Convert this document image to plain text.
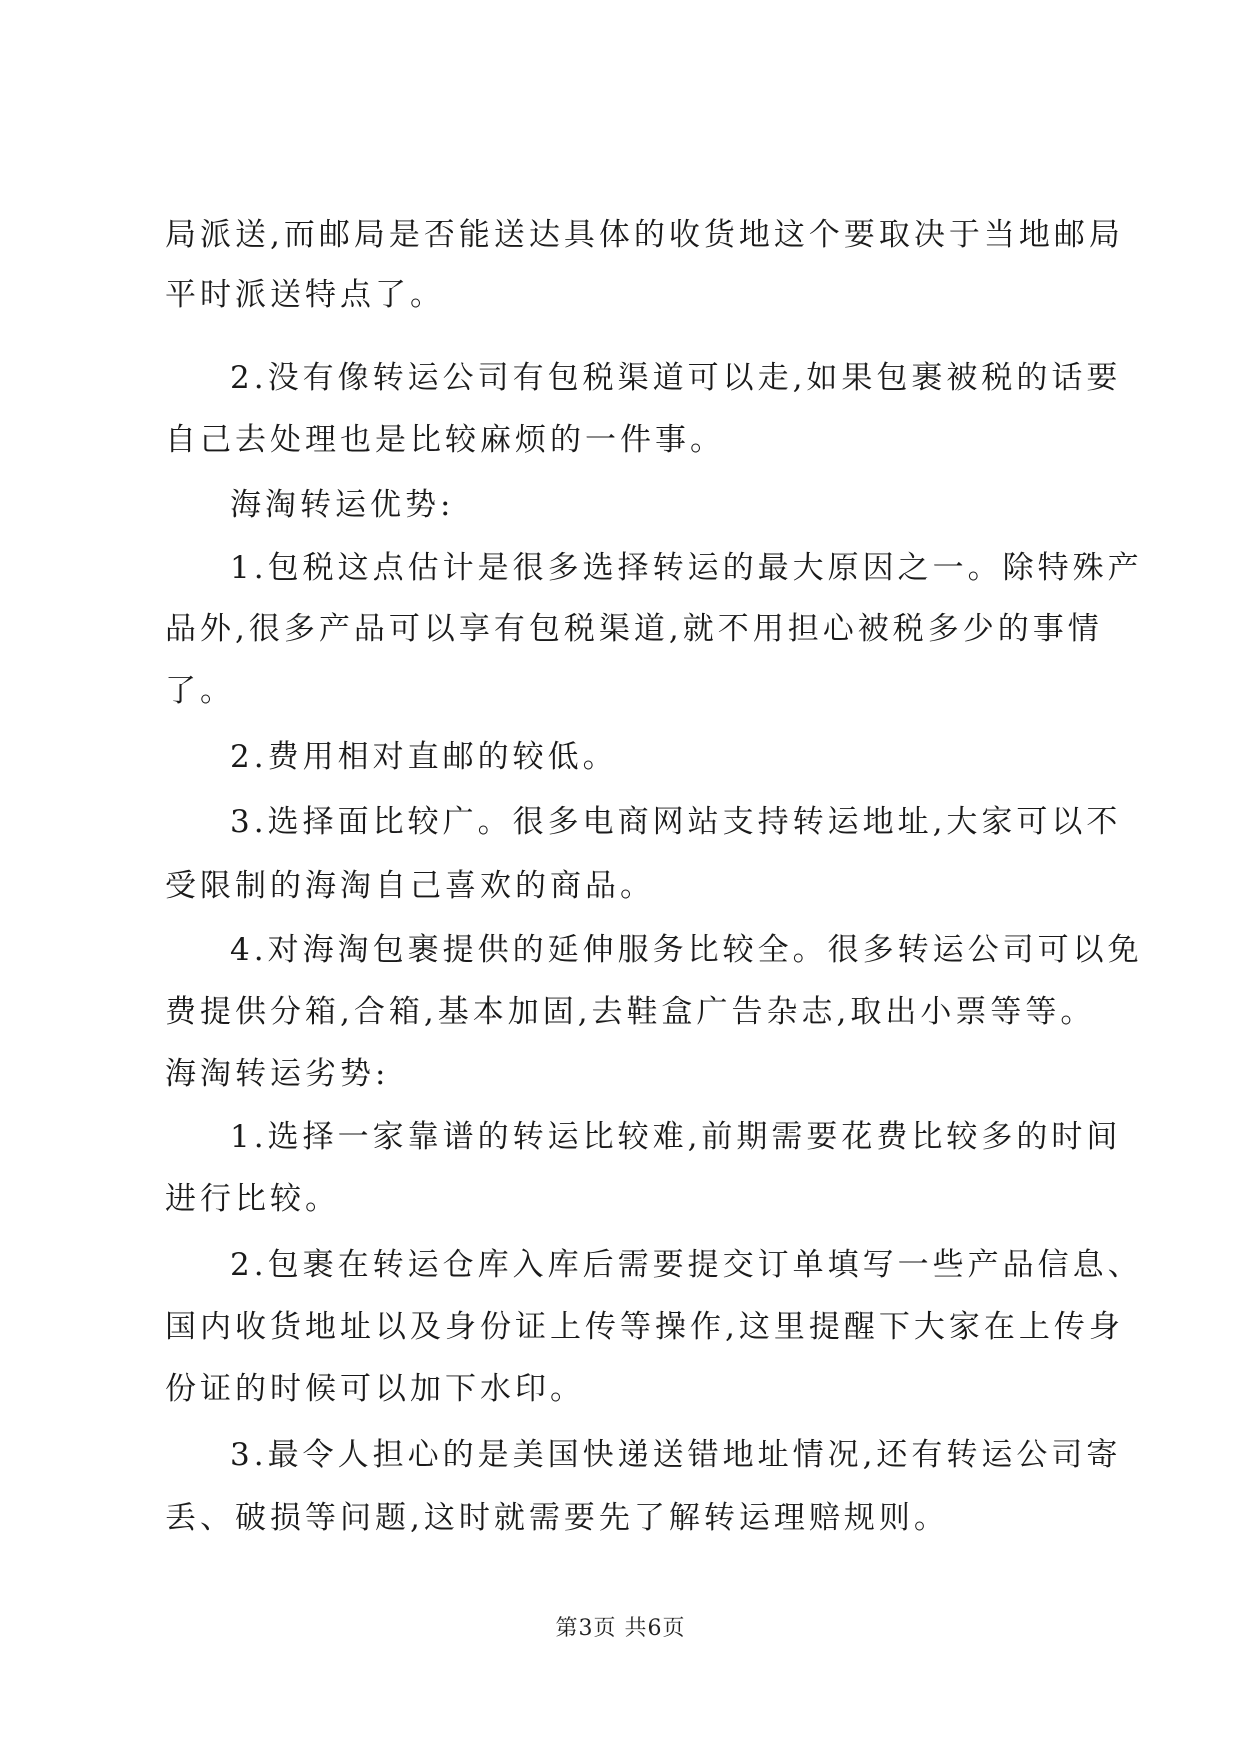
局派送,而邮局是否能送达具体的收货地这个要取决于当地邮局
平时派送特点了。
2.没有像转运公司有包税渠道可以走,如果包裹被税的话要
自己去处理也是比较麻烦的一件事。
海淘转运优势:
1.包税这点估计是很多选择转运的最大原因之一。除特殊产
品外,很多产品可以享有包税渠道,就不用担心被税多少的事情
了。
2.费用相对直邮的较低。
3.选择面比较广。很多电商网站支持转运地址,大家可以不
受限制的海淘自己喜欢的商品。
4.对海淘包裹提供的延伸服务比较全。很多转运公司可以免
费提供分箱,合箱,基本加固,去鞋盒广告杂志,取出小票等等。
海淘转运劣势:
1.选择一家靠谱的转运比较难,前期需要花费比较多的时间
进行比较。
2.包裹在转运仓库入库后需要提交订单填写一些产品信息、
国内收货地址以及身份证上传等操作,这里提醒下大家在上传身
份证的时候可以加下水印。
3.最令人担心的是美国快递送错地址情况,还有转运公司寄
丢、破损等问题,这时就需要先了解转运理赔规则。
第3页 共6页
